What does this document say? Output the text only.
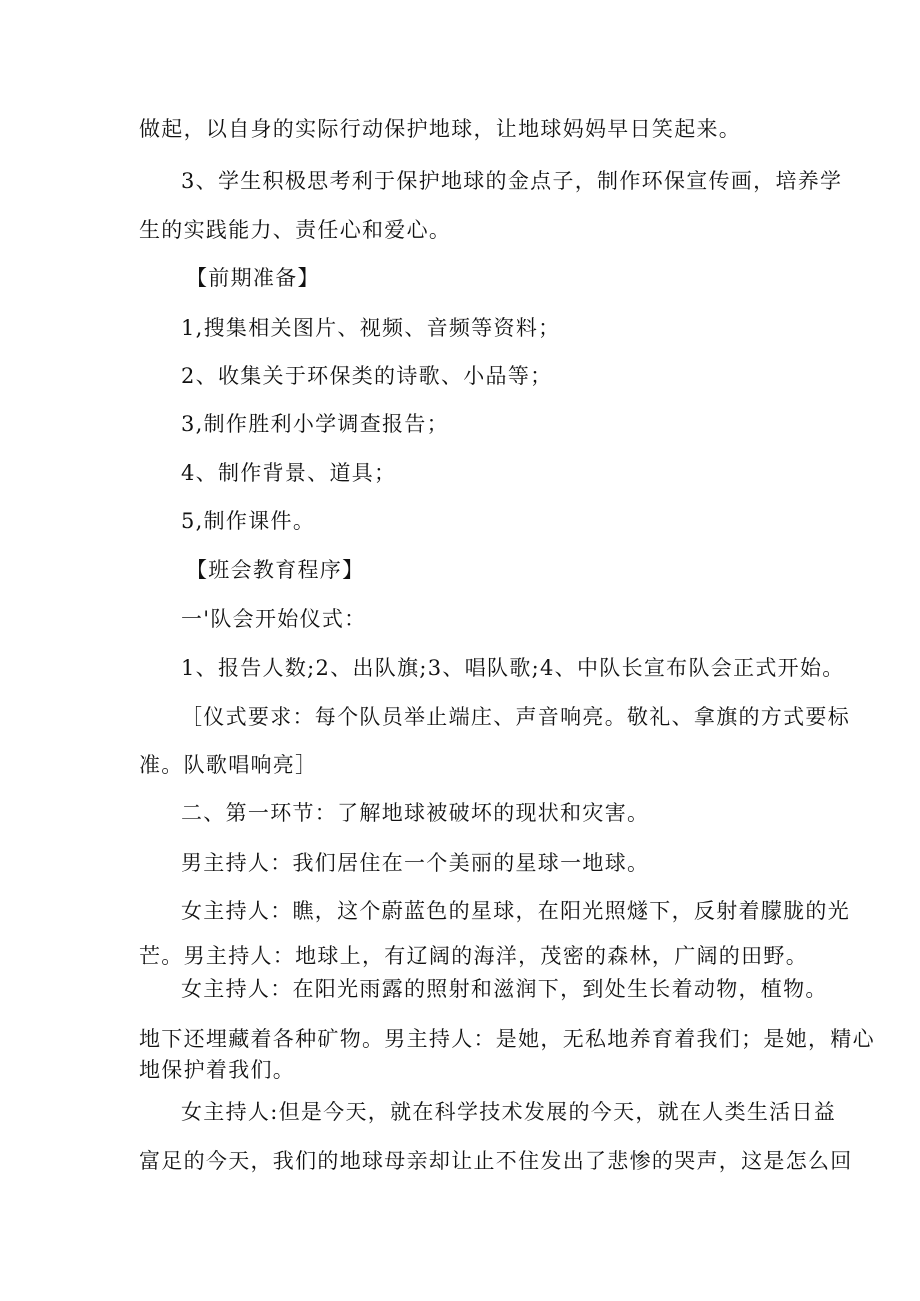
做起，以自身的实际行动保护地球，让地球妈妈早日笑起来。
3、学生积极思考利于保护地球的金点子，制作环保宣传画，培养学
生的实践能力、责任心和爱心。
【前期准备】
1,搜集相关图片、视频、音频等资料；
2、收集关于环保类的诗歌、小品等；
3,制作胜利小学调查报告；
4、制作背景、道具；
5,制作课件。
【班会教育程序】
一'队会开始仪式：
1、报告人数;2、出队旗;3、唱队歌;4、中队长宣布队会正式开始。
［仪式要求：每个队员举止端庄、声音响亮。敬礼、拿旗的方式要标
准。队歌唱响亮］
二、第一环节：了解地球被破坏的现状和灾害。
男主持人：我们居住在一个美丽的星球一地球。
女主持人：瞧，这个蔚蓝色的星球，在阳光照燧下，反射着朦胧的光
芒。男主持人：地球上，有辽阔的海洋，茂密的森林，广阔的田野。
女主持人：在阳光雨露的照射和滋润下，到处生长着动物，植物。
地下还埋藏着各种矿物。男主持人：是她，无私地养育着我们；是她，精心
地保护着我们。
女主持人:但是今天，就在科学技术发展的今天，就在人类生活日益
富足的今天，我们的地球母亲却让止不住发出了悲惨的哭声，这是怎么回
